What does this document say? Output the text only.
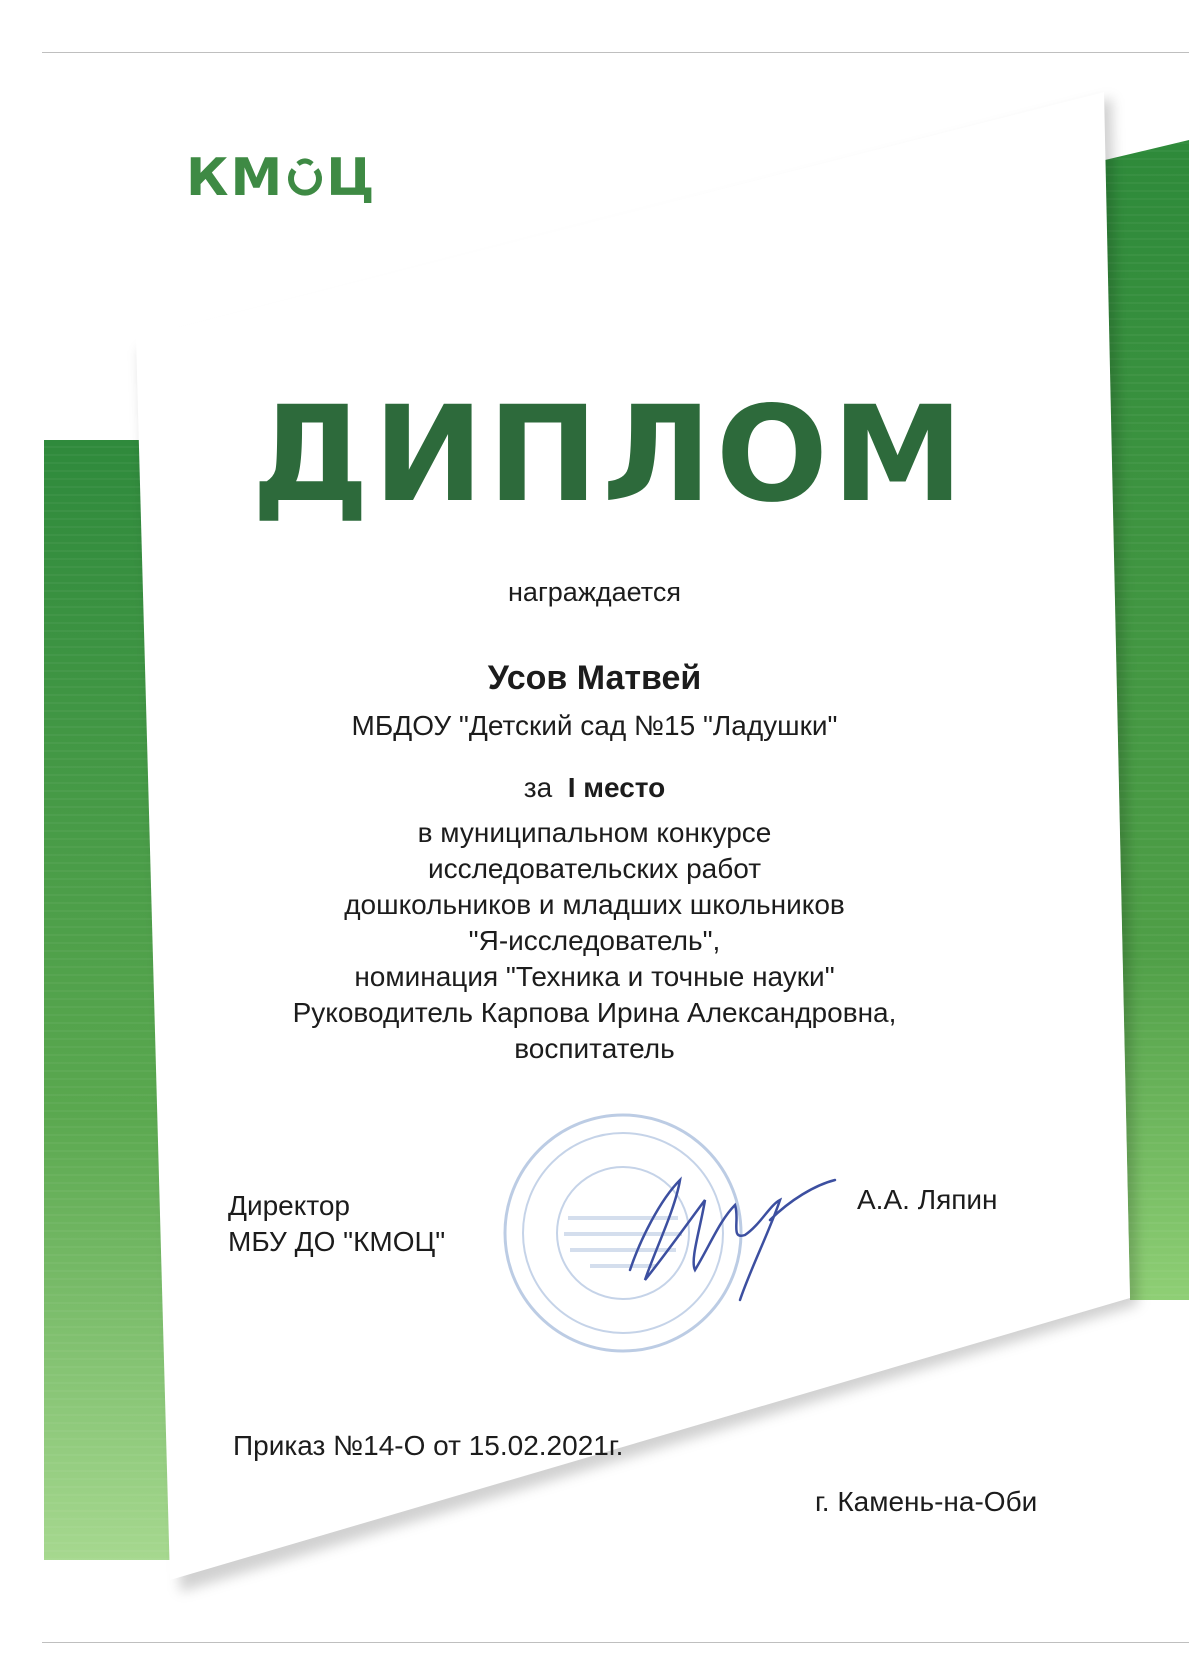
КМ Ц
ДИПЛОМ
награждается
Усов Матвей
МБДОУ "Детский сад №15 "Ладушки"
за I место
в муниципальном конкурсе
исследовательских работ
дошкольников и младших школьников
"Я-исследователь",
номинация "Техника и точные науки"
Руководитель Карпова Ирина Александровна,
воспитатель
Директор
МБУ ДО "КМОЦ"
А.А. Ляпин
Приказ №14-О от 15.02.2021г.
г. Камень-на-Оби
